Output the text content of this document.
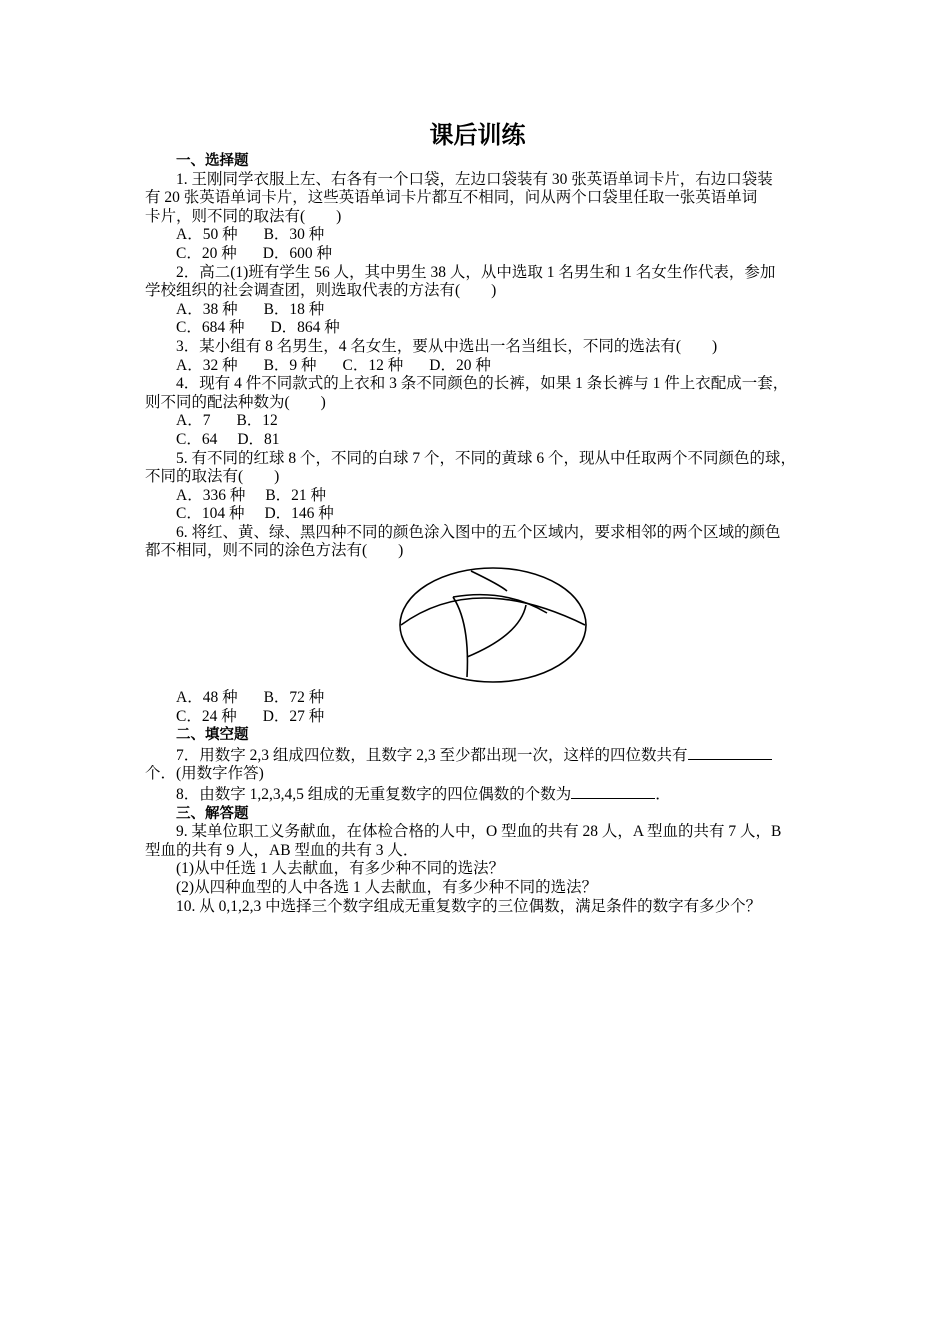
课后训练
一、选择题
1. 王刚同学衣服上左、右各有一个口袋，左边口袋装有 30 张英语单词卡片，右边口袋装
有 20 张英语单词卡片，这些英语单词卡片都互不相同，问从两个口袋里任取一张英语单词
卡片，则不同的取法有(　　)
A．50 种 B．30 种
C．20 种 D．600 种
2．高二(1)班有学生 56 人，其中男生 38 人，从中选取 1 名男生和 1 名女生作代表，参加
学校组织的社会调查团，则选取代表的方法有(　　)
A．38 种 B．18 种
C．684 种 D．864 种
3．某小组有 8 名男生，4 名女生，要从中选出一名当组长，不同的选法有(　　)
A．32 种 B．9 种 C．12 种 D．20 种
4．现有 4 件不同款式的上衣和 3 条不同颜色的长裤，如果 1 条长裤与 1 件上衣配成一套，
则不同的配法种数为(　　)
A．7 B．12
C．64 D．81
5. 有不同的红球 8 个，不同的白球 7 个，不同的黄球 6 个，现从中任取两个不同颜色的球，
不同的取法有(　　)
A．336 种 B．21 种
C．104 种 D．146 种
6. 将红、黄、绿、黑四种不同的颜色涂入图中的五个区域内，要求相邻的两个区域的颜色
都不相同，则不同的涂色方法有(　　)
A．48 种 B．72 种
C．24 种 D．27 种
二、填空题
7．用数字 2,3 组成四位数，且数字 2,3 至少都出现一次，这样的四位数共有
个．(用数字作答)
8．由数字 1,2,3,4,5 组成的无重复数字的四位偶数的个数为	．
三、解答题
9. 某单位职工义务献血，在体检合格的人中，O 型血的共有 28 人，A 型血的共有 7 人，B
型血的共有 9 人，AB 型血的共有 3 人．
(1)从中任选 1 人去献血，有多少种不同的选法？
(2)从四种血型的人中各选 1 人去献血，有多少种不同的选法？
10. 从 0,1,2,3 中选择三个数字组成无重复数字的三位偶数，满足条件的数字有多少个？
